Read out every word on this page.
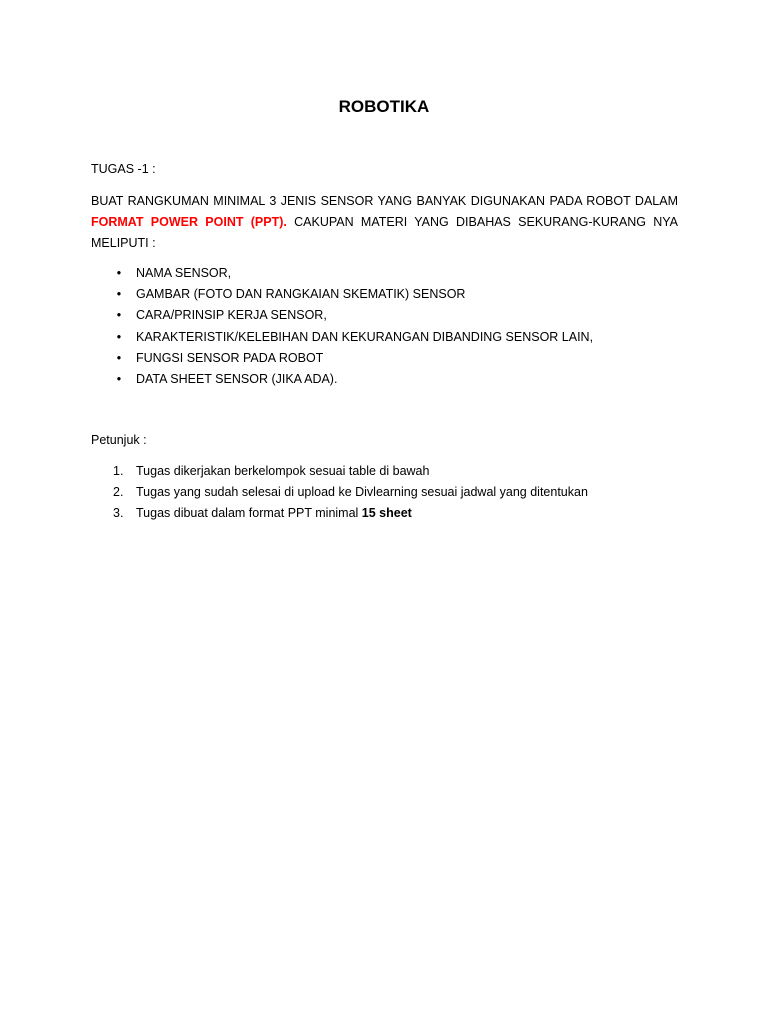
ROBOTIKA
TUGAS -1 :
BUAT RANGKUMAN MINIMAL 3 JENIS SENSOR YANG BANYAK DIGUNAKAN PADA ROBOT DALAM FORMAT POWER POINT (PPT). CAKUPAN MATERI YANG DIBAHAS SEKURANG-KURANG NYA MELIPUTI :
•	NAMA SENSOR,
•	GAMBAR (FOTO DAN RANGKAIAN SKEMATIK) SENSOR
•	CARA/PRINSIP KERJA SENSOR,
•	KARAKTERISTIK/KELEBIHAN DAN KEKURANGAN DIBANDING SENSOR LAIN,
•	FUNGSI SENSOR PADA ROBOT
•	DATA SHEET SENSOR (JIKA ADA).
Petunjuk :
1. Tugas dikerjakan berkelompok sesuai table di bawah
2. Tugas yang sudah selesai di upload ke Divlearning sesuai jadwal yang ditentukan
3. Tugas dibuat dalam format PPT minimal 15 sheet
